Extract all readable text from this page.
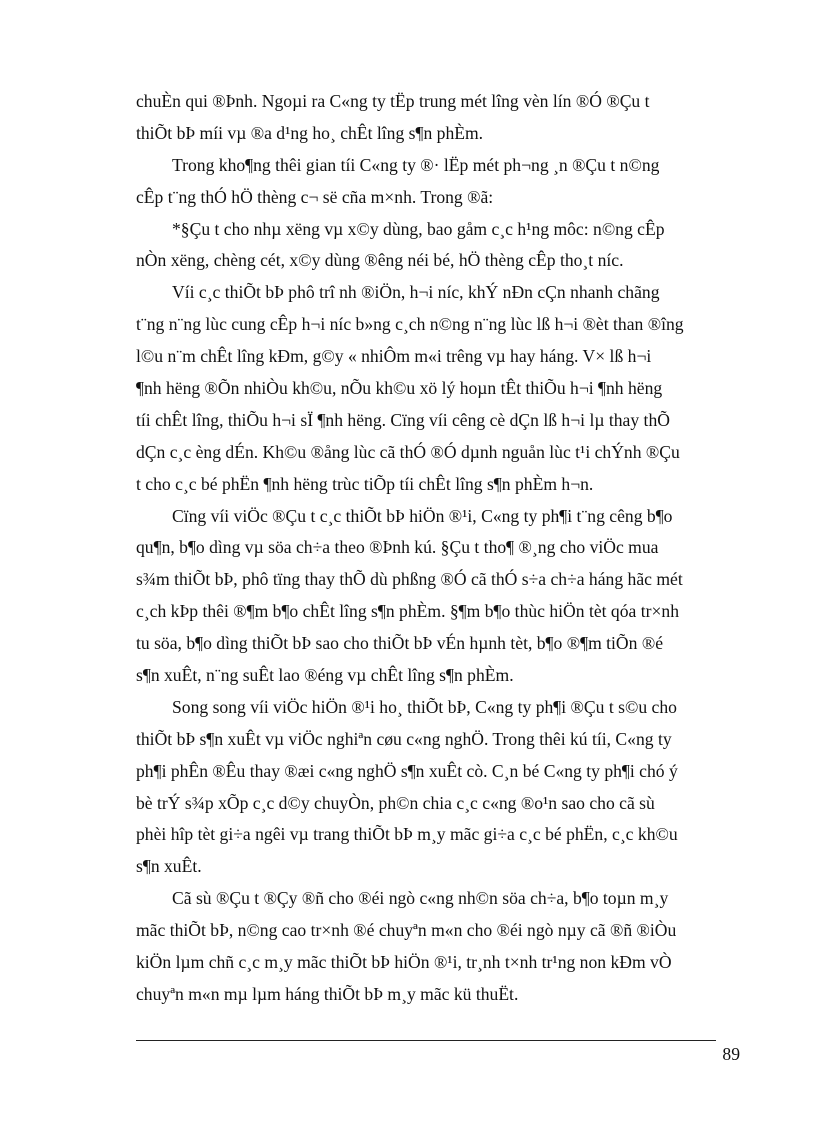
chuÈn qui ®Þnh. Ngoµi ra C«ng ty tËp trung mét lîng vèn lín ®Ó ®Çu t
thiÕt bÞ míi vµ ®a d¹ng ho¸ chÊt lîng s¶n phÈm.
Trong kho¶ng thêi gian tíi C«ng ty ®· lËp mét ph¬ng ¸n ®Çu t n©ng
cÊp t¨ng thÓ hÖ thèng c¬ së cña m×nh. Trong ®ã:
*§Çu t cho nhµ xëng vµ x©y dùng, bao gåm c¸c h¹ng môc: n©ng cÊp
nÒn xëng, chèng cét, x©y dùng ®êng néi bé, hÖ thèng cÊp tho¸t níc.
Víi c¸c thiÕt bÞ phô trî nh ®iÖn, h¬i níc, khÝ nÐn cÇn nhanh chãng
t¨ng n¨ng lùc cung cÊp h¬i níc b»ng c¸ch n©ng n¨ng lùc lß h¬i ®èt than ®îng
l©u n¨m chÊt lîng kÐm, g©y « nhiÔm m«i trêng vµ hay háng. V× lß h¬i
¶nh hëng ®Õn nhiÒu kh©u, nÕu kh©u xö lý hoµn tÊt thiÕu h¬i ¶nh hëng
tíi chÊt lîng, thiÕu h¬i sÏ ¶nh hëng. Cïng víi cêng cè dÇn lß h¬i lµ thay thÕ
dÇn c¸c èng dÉn. Kh©u ®ång lùc cã thÓ ®Ó dµnh nguån lùc t¹i chÝnh ®Çu
t cho c¸c bé phËn ¶nh hëng trùc tiÕp tíi chÊt lîng s¶n phÈm h¬n.
Cïng víi viÖc ®Çu t c¸c thiÕt bÞ hiÖn ®¹i, C«ng ty ph¶i t¨ng cêng b¶o
qu¶n, b¶o dìng vµ söa ch÷a theo ®Þnh kú. §Çu t tho¶ ®¸ng cho viÖc mua
s¾m thiÕt bÞ, phô tïng thay thÕ dù phßng ®Ó cã thÓ s÷a ch÷a háng hãc mét
c¸ch kÞp thêi ®¶m b¶o chÊt lîng s¶n phÈm. §¶m b¶o thùc hiÖn tèt qóa tr×nh
tu söa, b¶o dìng thiÕt bÞ sao cho thiÕt bÞ vÉn hµnh tèt, b¶o ®¶m tiÕn ®é
s¶n xuÊt, n¨ng suÊt lao ®éng vµ chÊt lîng s¶n phÈm.
Song song víi viÖc hiÖn ®¹i ho¸ thiÕt bÞ, C«ng ty ph¶i ®Çu t s©u cho
thiÕt bÞ s¶n xuÊt vµ viÖc nghiªn cøu c«ng nghÖ. Trong thêi kú tíi, C«ng ty
ph¶i phÊn ®Êu thay ®æi c«ng nghÖ s¶n xuÊt cò. C¸n bé C«ng ty ph¶i chó ý
bè trÝ s¾p xÕp c¸c d©y chuyÒn, ph©n chia c¸c c«ng ®o¹n sao cho cã sù
phèi hîp tèt gi÷a ngêi vµ trang thiÕt bÞ m¸y mãc gi÷a c¸c bé phËn, c¸c kh©u
s¶n xuÊt.
Cã sù ®Çu t ®Çy ®ñ cho ®éi ngò c«ng nh©n söa ch÷a, b¶o toµn m¸y
mãc thiÕt bÞ, n©ng cao tr×nh ®é chuyªn m«n cho ®éi ngò nµy cã ®ñ ®iÒu
kiÖn lµm chñ c¸c m¸y mãc thiÕt bÞ hiÖn ®¹i, tr¸nh t×nh tr¹ng non kÐm vÒ
chuyªn m«n mµ lµm háng thiÕt bÞ m¸y mãc kü thuËt.
89
